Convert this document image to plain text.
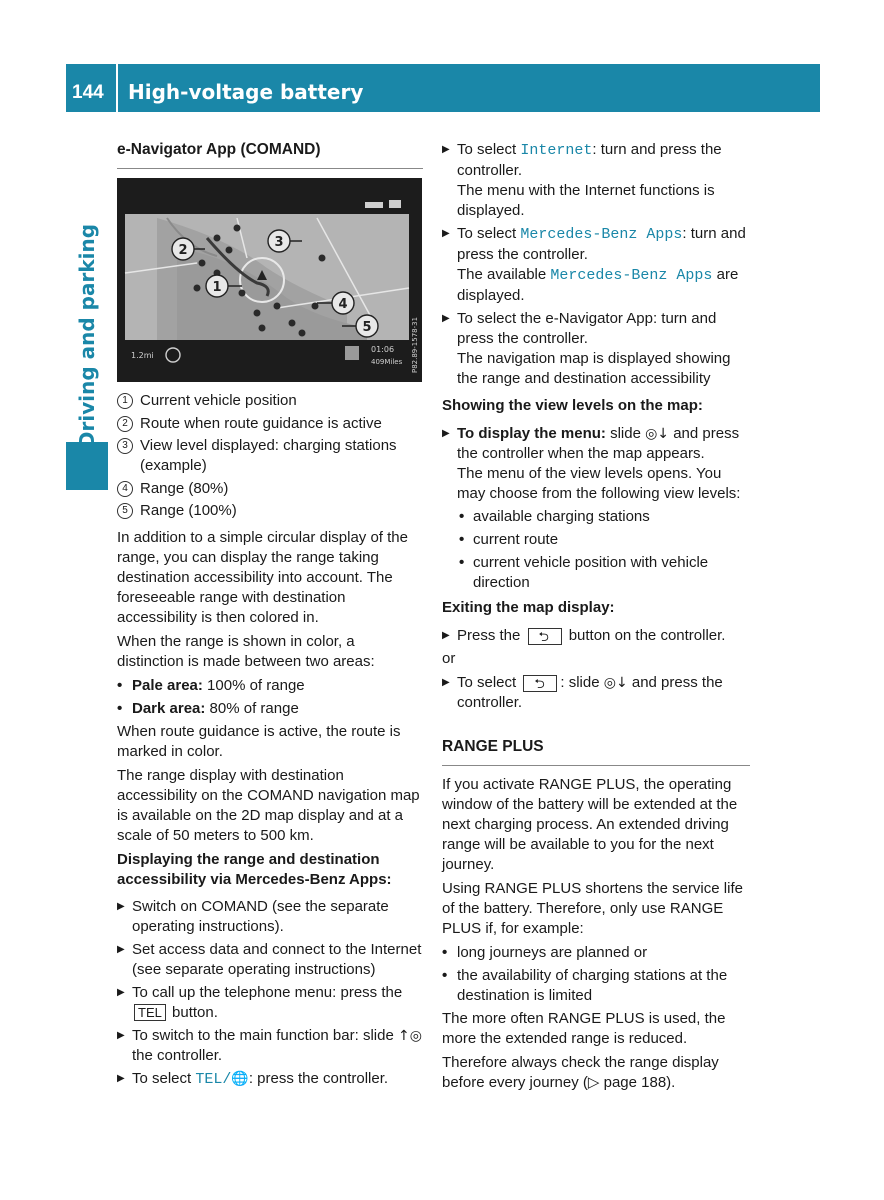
144 High-voltage battery
Driving and parking
e-Navigator App (COMAND)
2
3
1
4
5
1.2mi
01:06
409Miles P82.89-1578-31
1 Current vehicle position
2 Route when route guidance is active
3 View level displayed: charging stations (example)
4 Range (80%)
5 Range (100%)

In addition to a simple circular display of the range, you can display the range taking destination accessibility into account. The foreseeable range with destination accessibility is then colored in.

When the range is shown in color, a distinction is made between two areas:

• Pale area: 100% of range
• Dark area: 80% of range

When route guidance is active, the route is marked in color.

The range display with destination accessibility on the COMAND navigation map is available on the 2D map display and at a scale of 50 meters to 500 km.

Displaying the range and destination accessibility via Mercedes-Benz Apps:

▶ Switch on COMAND (see the separate operating instructions).
▶ Set access data and connect to the Internet (see separate operating instructions)
▶ To call up the telephone menu: press the TEL button.
▶ To switch to the main function bar: slide ↑◎ the controller.
▶ To select TEL/🌐: press the controller.
▶ To select Internet: turn and press the controller.
The menu with the Internet functions is displayed.
▶ To select Mercedes-Benz Apps: turn and press the controller.
The available Mercedes-Benz Apps are displayed.
▶ To select the e-Navigator App: turn and press the controller.
The navigation map is displayed showing the range and destination accessibility

Showing the view levels on the map:

▶ To display the menu: slide ◎↓ and press the controller when the map appears.
The menu of the view levels opens. You may choose from the following view levels:
• available charging stations
• current route
• current vehicle position with vehicle direction

Exiting the map display:

▶ Press the ⮌	button on the controller.

or

▶ To select ⮌	: slide ◎↓ and press the controller.
RANGE PLUS

If you activate RANGE PLUS, the operating window of the battery will be extended at the next charging process. An extended driving range will be available to you for the next journey.

Using RANGE PLUS shortens the service life of the battery. Therefore, only use RANGE PLUS if, for example:

• long journeys are planned or
• the availability of charging stations at the destination is limited

The more often RANGE PLUS is used, the more the extended range is reduced.

Therefore always check the range display before every journey (▷ page 188).
